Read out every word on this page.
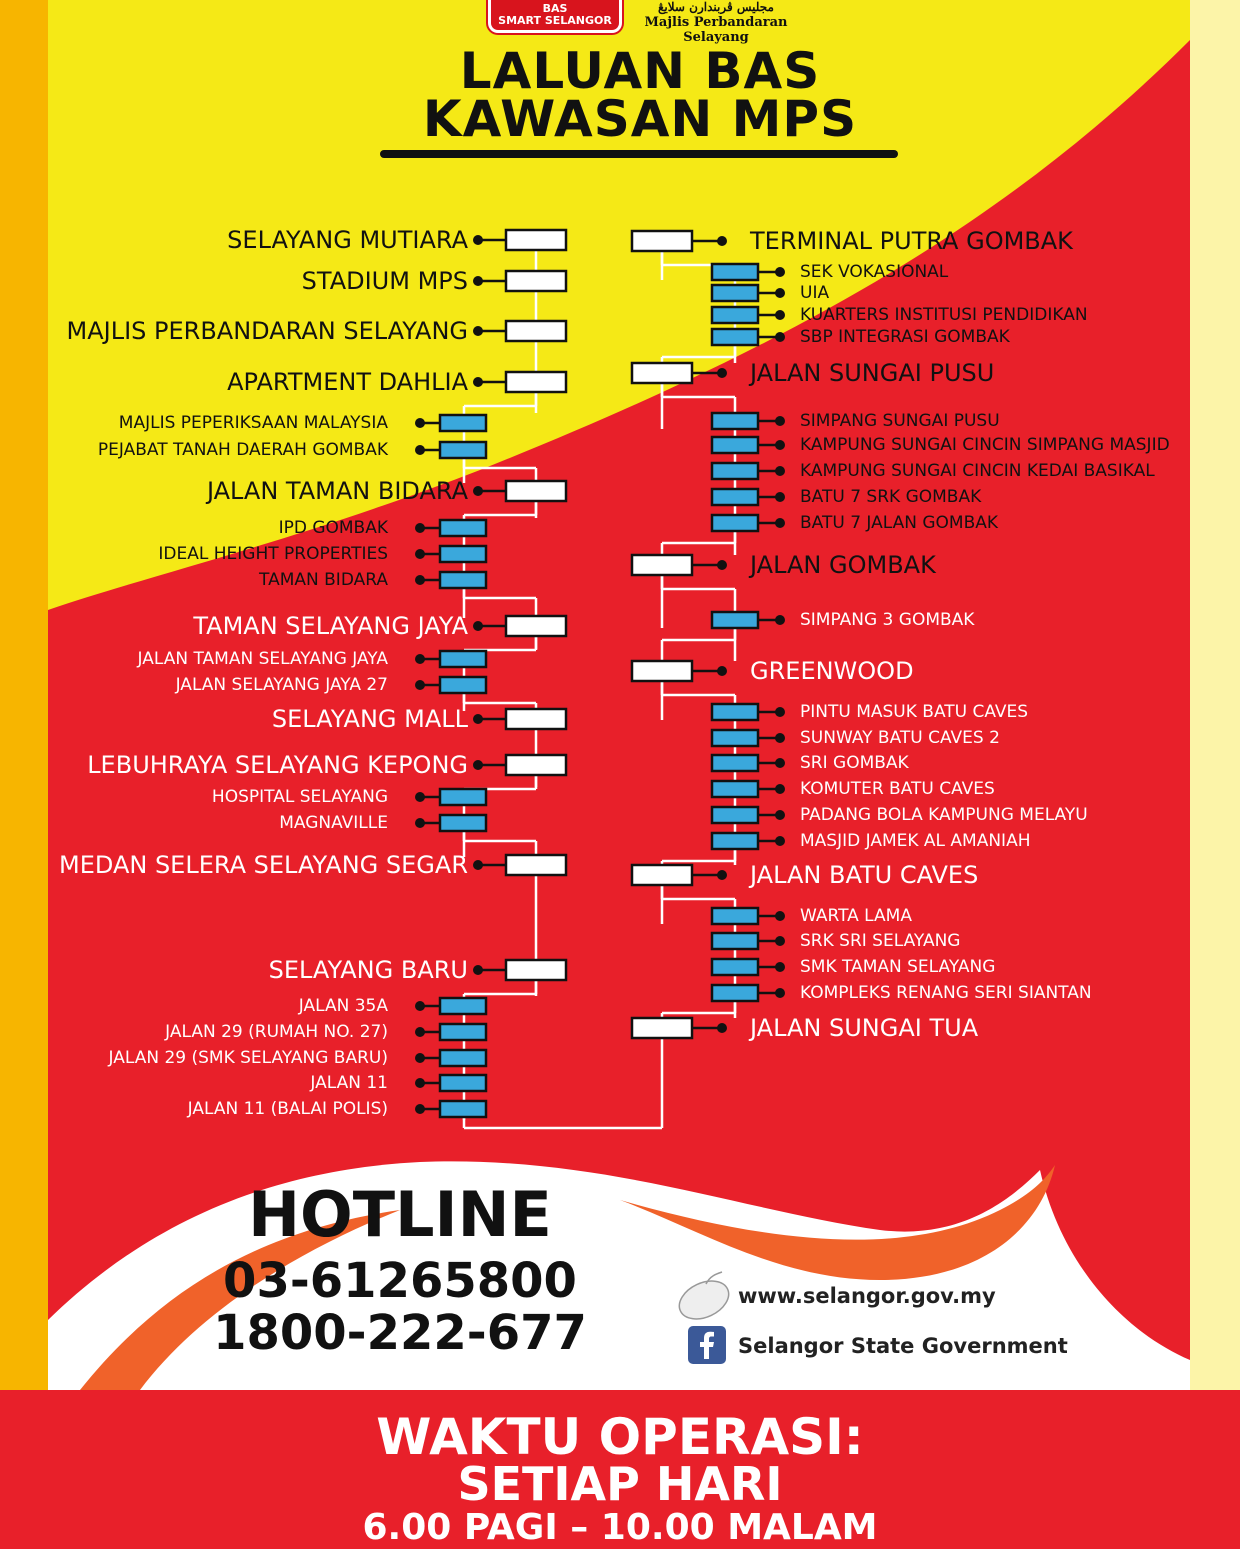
BAS
SMART SELANGOR
مجليس ڤربندارن سلايڠ
Majlis Perbandaran Selayang
LALUAN BAS
KAWASAN MPS
SELAYANG MUTIARA
STADIUM MPS
MAJLIS PERBANDARAN SELAYANG
APARTMENT DAHLIA
MAJLIS PEPERIKSAAN MALAYSIA
PEJABAT TANAH DAERAH GOMBAK
JALAN TAMAN BIDARA
IPD GOMBAK
IDEAL HEIGHT PROPERTIES
TAMAN BIDARA
TAMAN SELAYANG JAYA
JALAN TAMAN SELAYANG JAYA
JALAN SELAYANG JAYA 27
SELAYANG MALL
LEBUHRAYA SELAYANG KEPONG
HOSPITAL SELAYANG
MAGNAVILLE
MEDAN SELERA SELAYANG SEGAR
SELAYANG BARU
JALAN 35A
JALAN 29 (RUMAH NO. 27)
JALAN 29 (SMK SELAYANG BARU)
JALAN 11
JALAN 11 (BALAI POLIS)
TERMINAL PUTRA GOMBAK
SEK VOKASIONAL
UIA
KUARTERS INSTITUSI PENDIDIKAN
SBP INTEGRASI GOMBAK
JALAN SUNGAI PUSU
SIMPANG SUNGAI PUSU
KAMPUNG SUNGAI CINCIN SIMPANG MASJID
KAMPUNG SUNGAI CINCIN KEDAI BASIKAL
BATU 7 SRK GOMBAK
BATU 7 JALAN GOMBAK
JALAN GOMBAK
SIMPANG 3 GOMBAK
GREENWOOD
PINTU MASUK BATU CAVES
SUNWAY BATU CAVES 2
SRI GOMBAK
KOMUTER BATU CAVES
PADANG BOLA KAMPUNG MELAYU
MASJID JAMEK AL AMANIAH
JALAN BATU CAVES
WARTA LAMA
SRK SRI SELAYANG
SMK TAMAN SELAYANG
KOMPLEKS RENANG SERI SIANTAN
JALAN SUNGAI TUA
HOTLINE
03-61265800
1800-222-677
www.selangor.gov.my
Selangor State Government
WAKTU OPERASI:
SETIAP HARI
6.00 PAGI – 10.00 MALAM
